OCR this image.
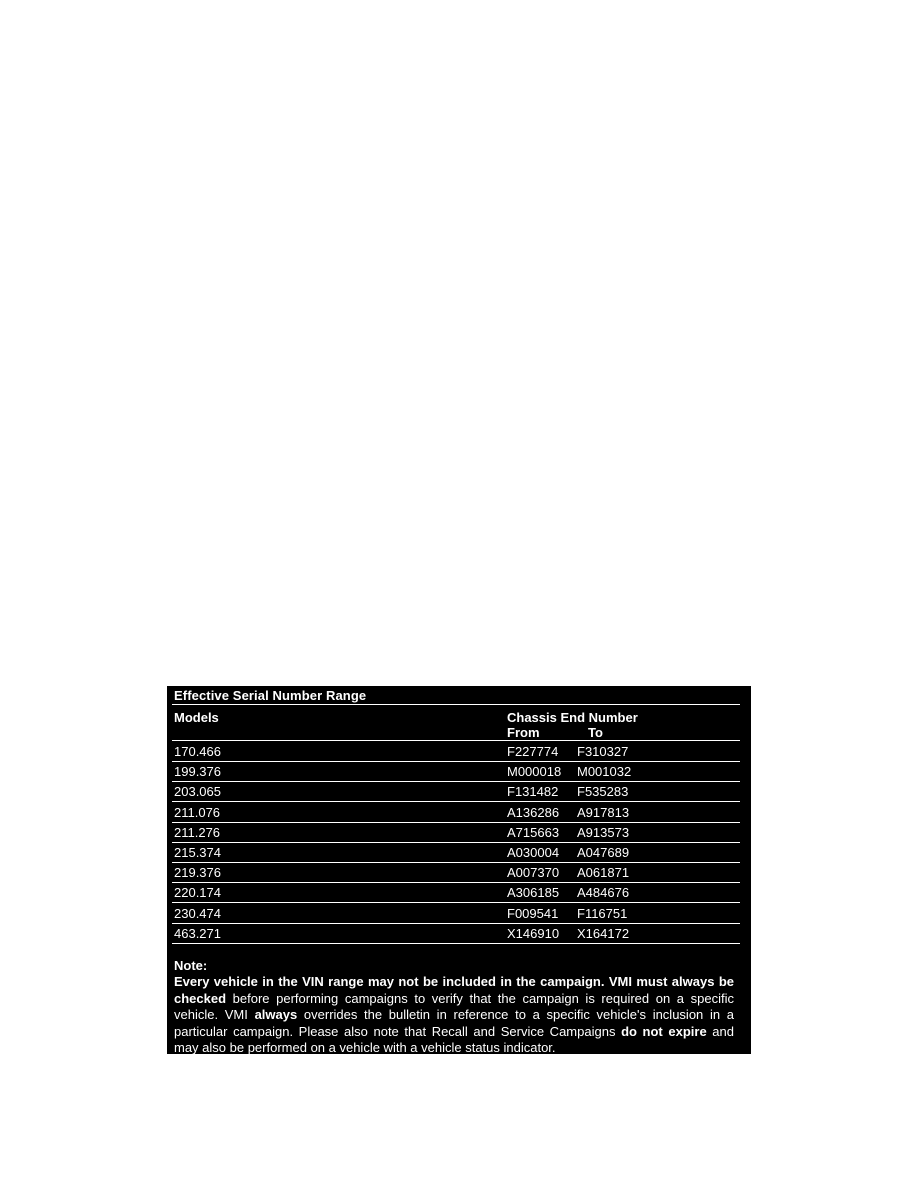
Effective Serial Number Range
Models	Chassis End Number
From	To
170.466	F227774 F310327
199.376	M000018 M001032
203.065	F131482 F535283
211.076	A136286 A917813
211.276	A715663 A913573
215.374	A030004 A047689
219.376	A007370 A061871
220.174	A306185 A484676
230.474	F009541 F116751
463.271	X146910 X164172
Note:
Every vehicle in the VIN range may not be included in the campaign. VMI must always be checked before performing campaigns to verify that the campaign is required on a specific vehicle. VMI always overrides the bulletin in reference to a specific vehicle's inclusion in a particular campaign. Please also note that Recall and Service Campaigns do not expire and may also be performed on a vehicle with a vehicle status indicator.
